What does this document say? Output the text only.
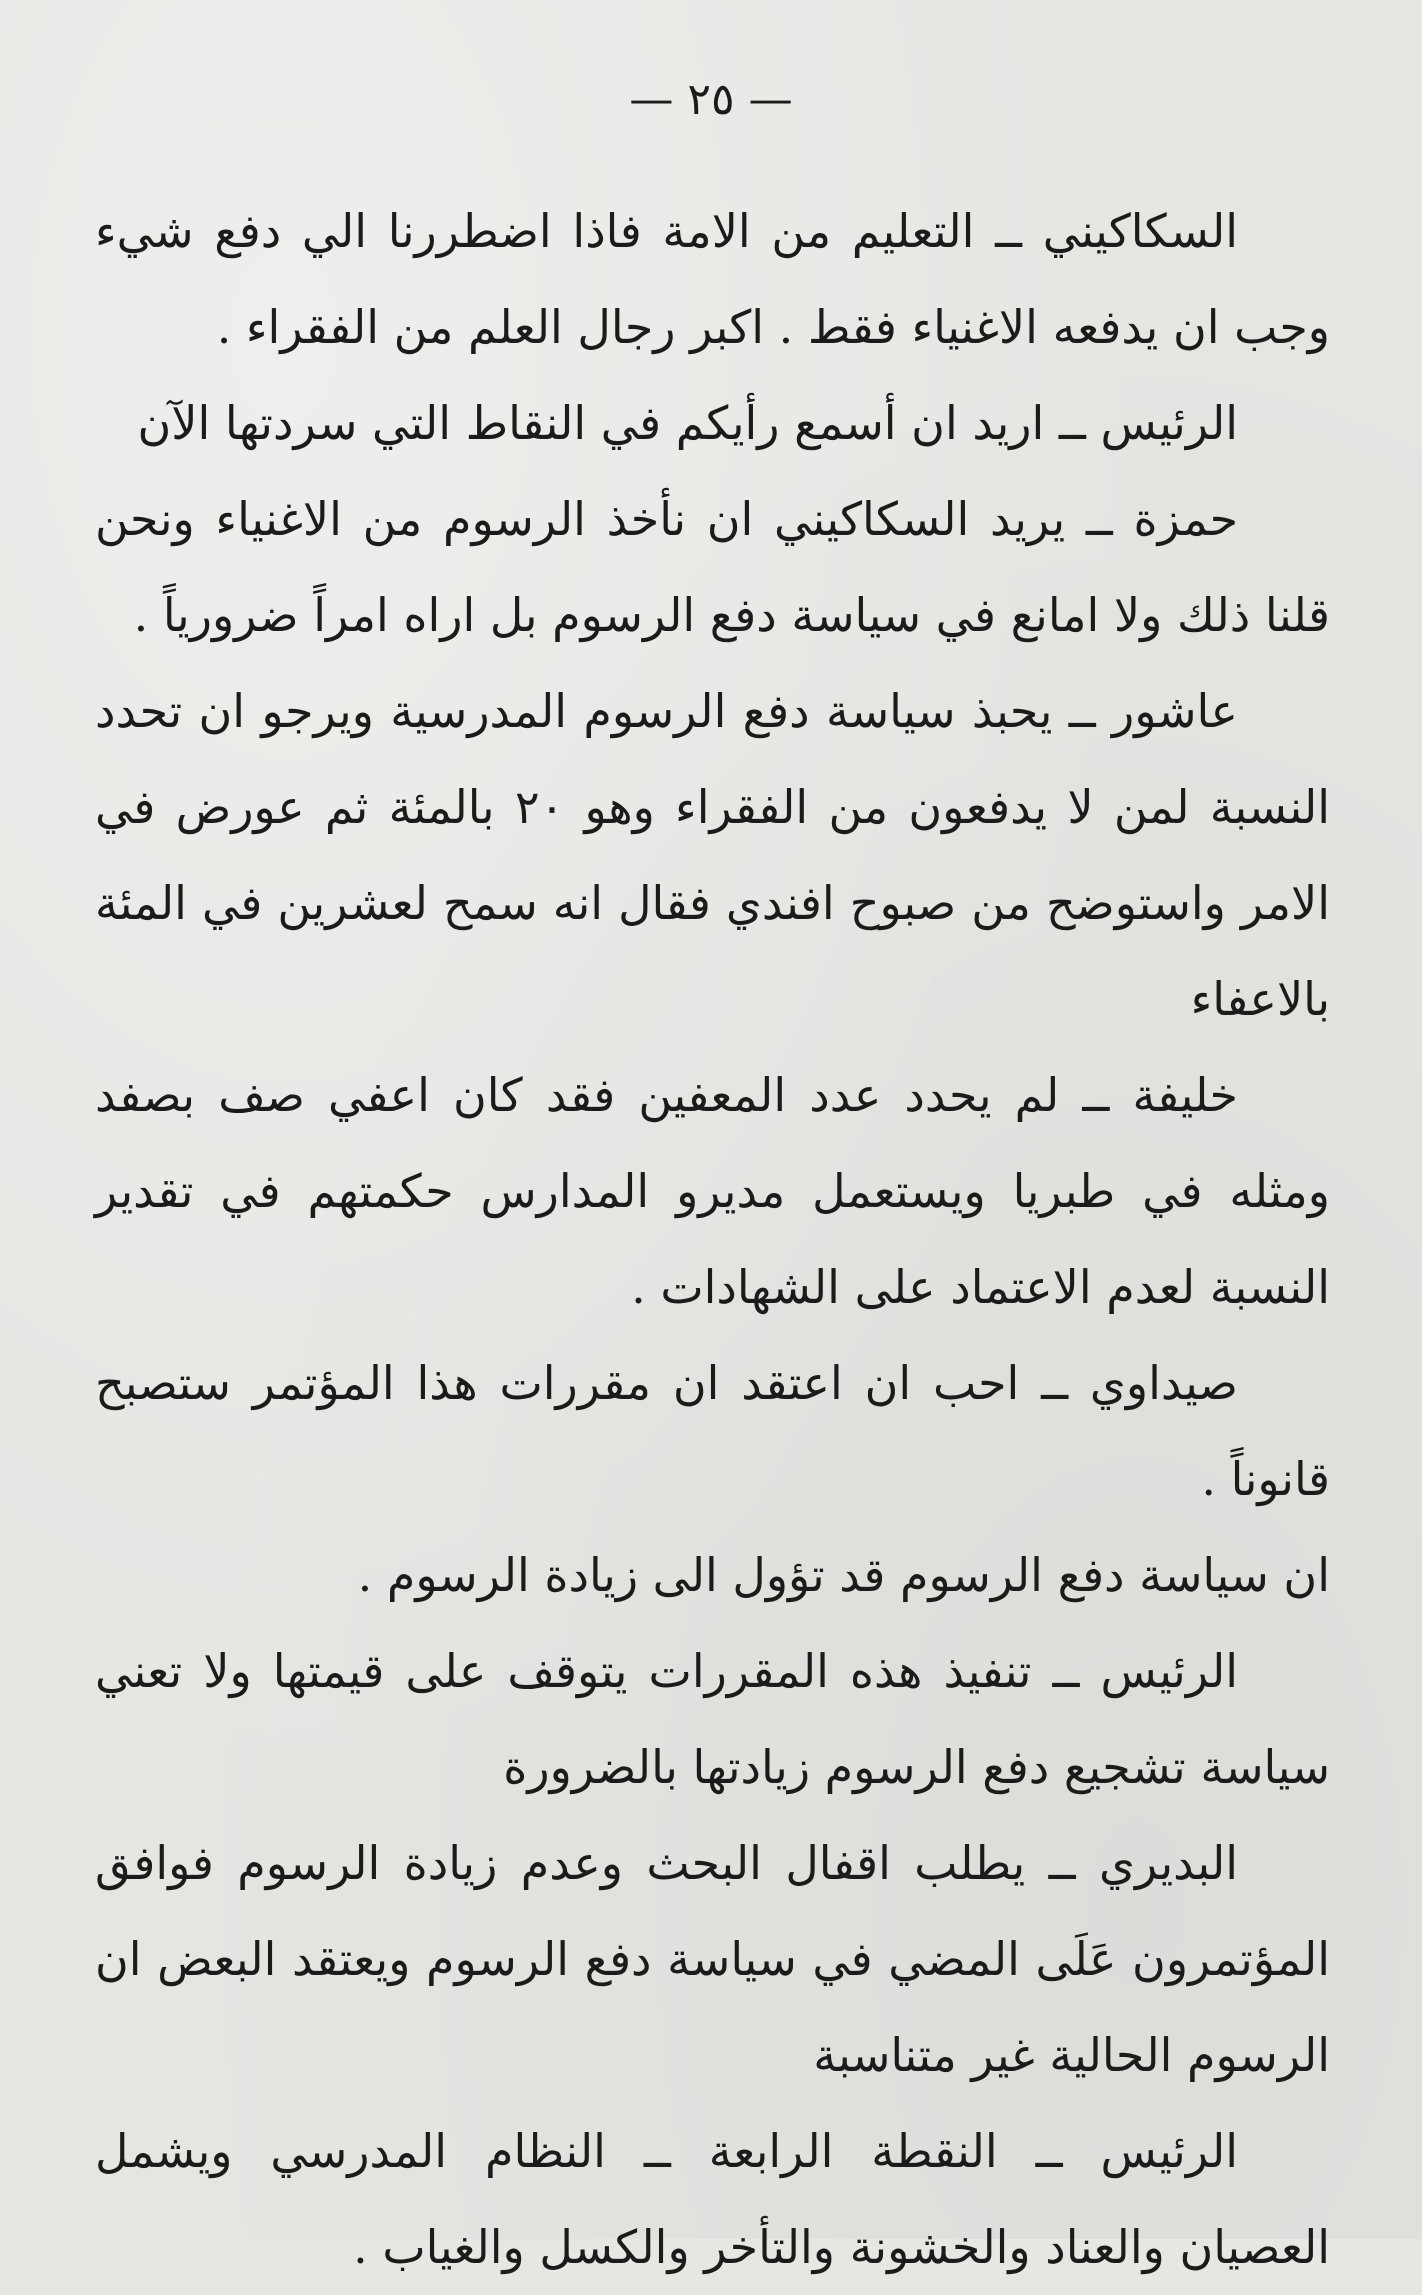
— ٢٥ —

السكاكيني ــ التعليم من الامة فاذا اضطررنا الي دفع شيء وجب ان يدفعه الاغنياء فقط . اكبر رجال العلم من الفقراء .

الرئيس ــ اريد ان أسمع رأيكم في النقاط التي سردتها الآن

حمزة ــ يريد السكاكيني ان نأخذ الرسوم من الاغنياء ونحن قلنا ذلك ولا امانع في سياسة دفع الرسوم بل اراه امراً ضرورياً .

عاشور ــ يحبذ سياسة دفع الرسوم المدرسية ويرجو ان تحدد النسبة لمن لا يدفعون من الفقراء وهو ٢٠ بالمئة ثم عورض في الامر واستوضح من صبوح افندي فقال انه سمح لعشرين في المئة بالاعفاء

خليفة ــ لم يحدد عدد المعفين فقد كان اعفي صف بصفد ومثله في طبريا ويستعمل مديرو المدارس حكمتهم في تقدير النسبة لعدم الاعتماد على الشهادات .

صيداوي ــ احب ان اعتقد ان مقررات هذا المؤتمر ستصبح قانوناً .

ان سياسة دفع الرسوم قد تؤول الى زيادة الرسوم .

الرئيس ــ تنفيذ هذه المقررات يتوقف على قيمتها ولا تعني سياسة تشجيع دفع الرسوم زيادتها بالضرورة

البديري ــ يطلب اقفال البحث وعدم زيادة الرسوم فوافق المؤتمرون عَلَى المضي في سياسة دفع الرسوم ويعتقد البعض ان الرسوم الحالية غير متناسبة

الرئيس ــ النقطة الرابعة ــ النظام المدرسي ويشمل العصيان والعناد والخشونة والتأخر والكسل والغياب .
